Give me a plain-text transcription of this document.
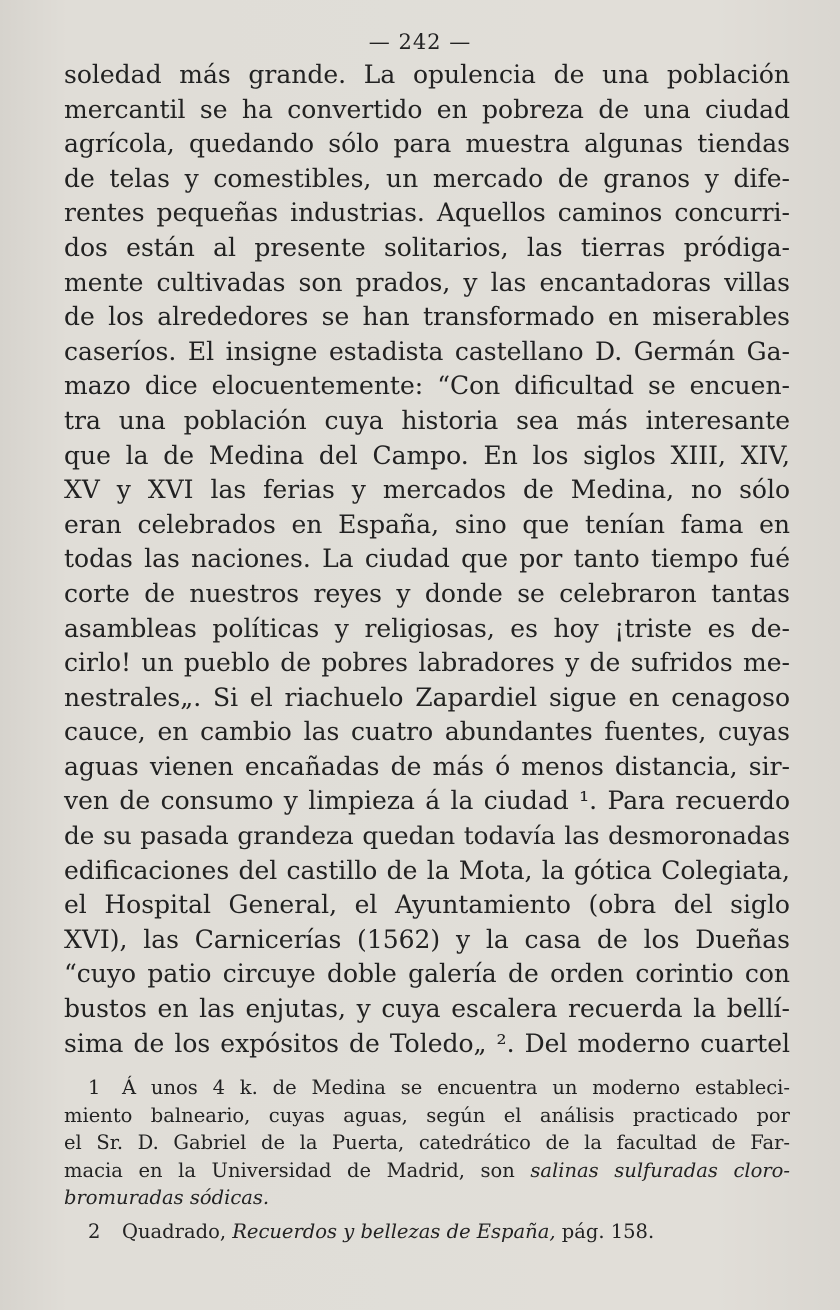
— 242 —
soledad más grande. La opulencia de una población
mercantil se ha convertido en pobreza de una ciudad
agrícola, quedando sólo para muestra algunas tiendas
de telas y comestibles, un mercado de granos y dife-
rentes pequeñas industrias. Aquellos caminos concurri-
dos están al presente solitarios, las tierras pródiga-
mente cultivadas son prados, y las encantadoras villas
de los alrededores se han transformado en miserables
caseríos. El insigne estadista castellano D. Germán Ga-
mazo dice elocuentemente: “Con dificultad se encuen-
tra una población cuya historia sea más interesante
que la de Medina del Campo. En los siglos XIII, XIV,
XV y XVI las ferias y mercados de Medina, no sólo
eran celebrados en España, sino que tenían fama en
todas las naciones. La ciudad que por tanto tiempo fué
corte de nuestros reyes y donde se celebraron tantas
asambleas políticas y religiosas, es hoy ¡triste es de-
cirlo! un pueblo de pobres labradores y de sufridos me-
nestrales„. Si el riachuelo Zapardiel sigue en cenagoso
cauce, en cambio las cuatro abundantes fuentes, cuyas
aguas vienen encañadas de más ó menos distancia, sir-
ven de consumo y limpieza á la ciudad ¹. Para recuerdo
de su pasada grandeza quedan todavía las desmoronadas
edificaciones del castillo de la Mota, la gótica Colegiata,
el Hospital General, el Ayuntamiento (obra del siglo
XVI), las Carnicerías (1562) y la casa de los Dueñas
“cuyo patio circuye doble galería de orden corintio con
bustos en las enjutas, y cuya escalera recuerda la bellí-
sima de los expósitos de Toledo„ ². Del moderno cuartel
1 Á unos 4 k. de Medina se encuentra un moderno estableci-
miento balneario, cuyas aguas, según el análisis practicado por
el Sr. D. Gabriel de la Puerta, catedrático de la facultad de Far-
macia en la Universidad de Madrid, son salinas sulfuradas cloro-
bromuradas sódicas.
2 Quadrado, Recuerdos y bellezas de España, pág. 158.
